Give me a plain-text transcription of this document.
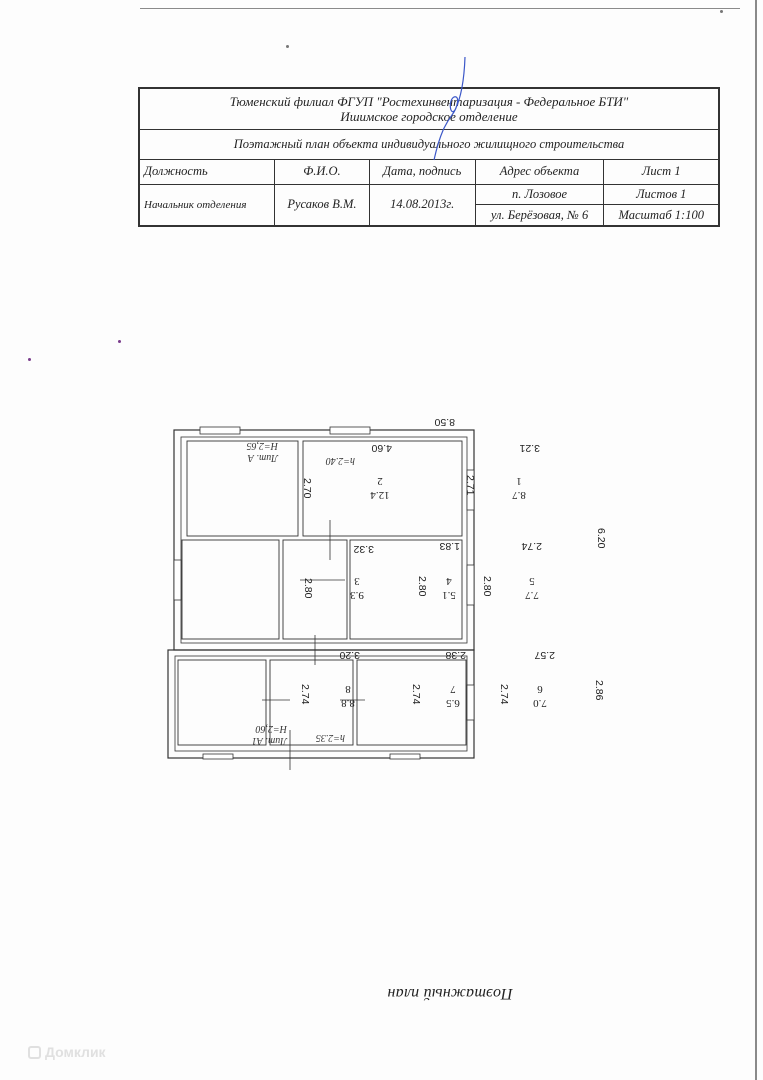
Тюменский филиал ФГУП "Ростехинвентаризация - Федеральное БТИ"
Ишимское городское отделение				

Поэтажный план объекта индивидуального жилищного строительства				
Должность	Ф.И.О.	Дата, подпись	Адрес объекта	Лист 1
Начальник отделения	Русаков В.М.	14.08.2013г.	п. Лозовое	Листов 1
			ул. Берёзовая, № 6	Масштаб 1:100
Лит. А
Н=2,65
Лит. А1
Н=2,60
h=2.40
h=2.35
8.50
6.20
2.86
3.21
2.71
4.60
2.70
3.32
2.80
1.83
2.80
2.74
2.80
2.57
2.74
2.38
2.74
3.20
2.74
1
8.7
2
12.4
3
9.3
4
5.1
5
7.7
6
7.0
7
6.5
8
8.8
Поэтажный план
Домклик
